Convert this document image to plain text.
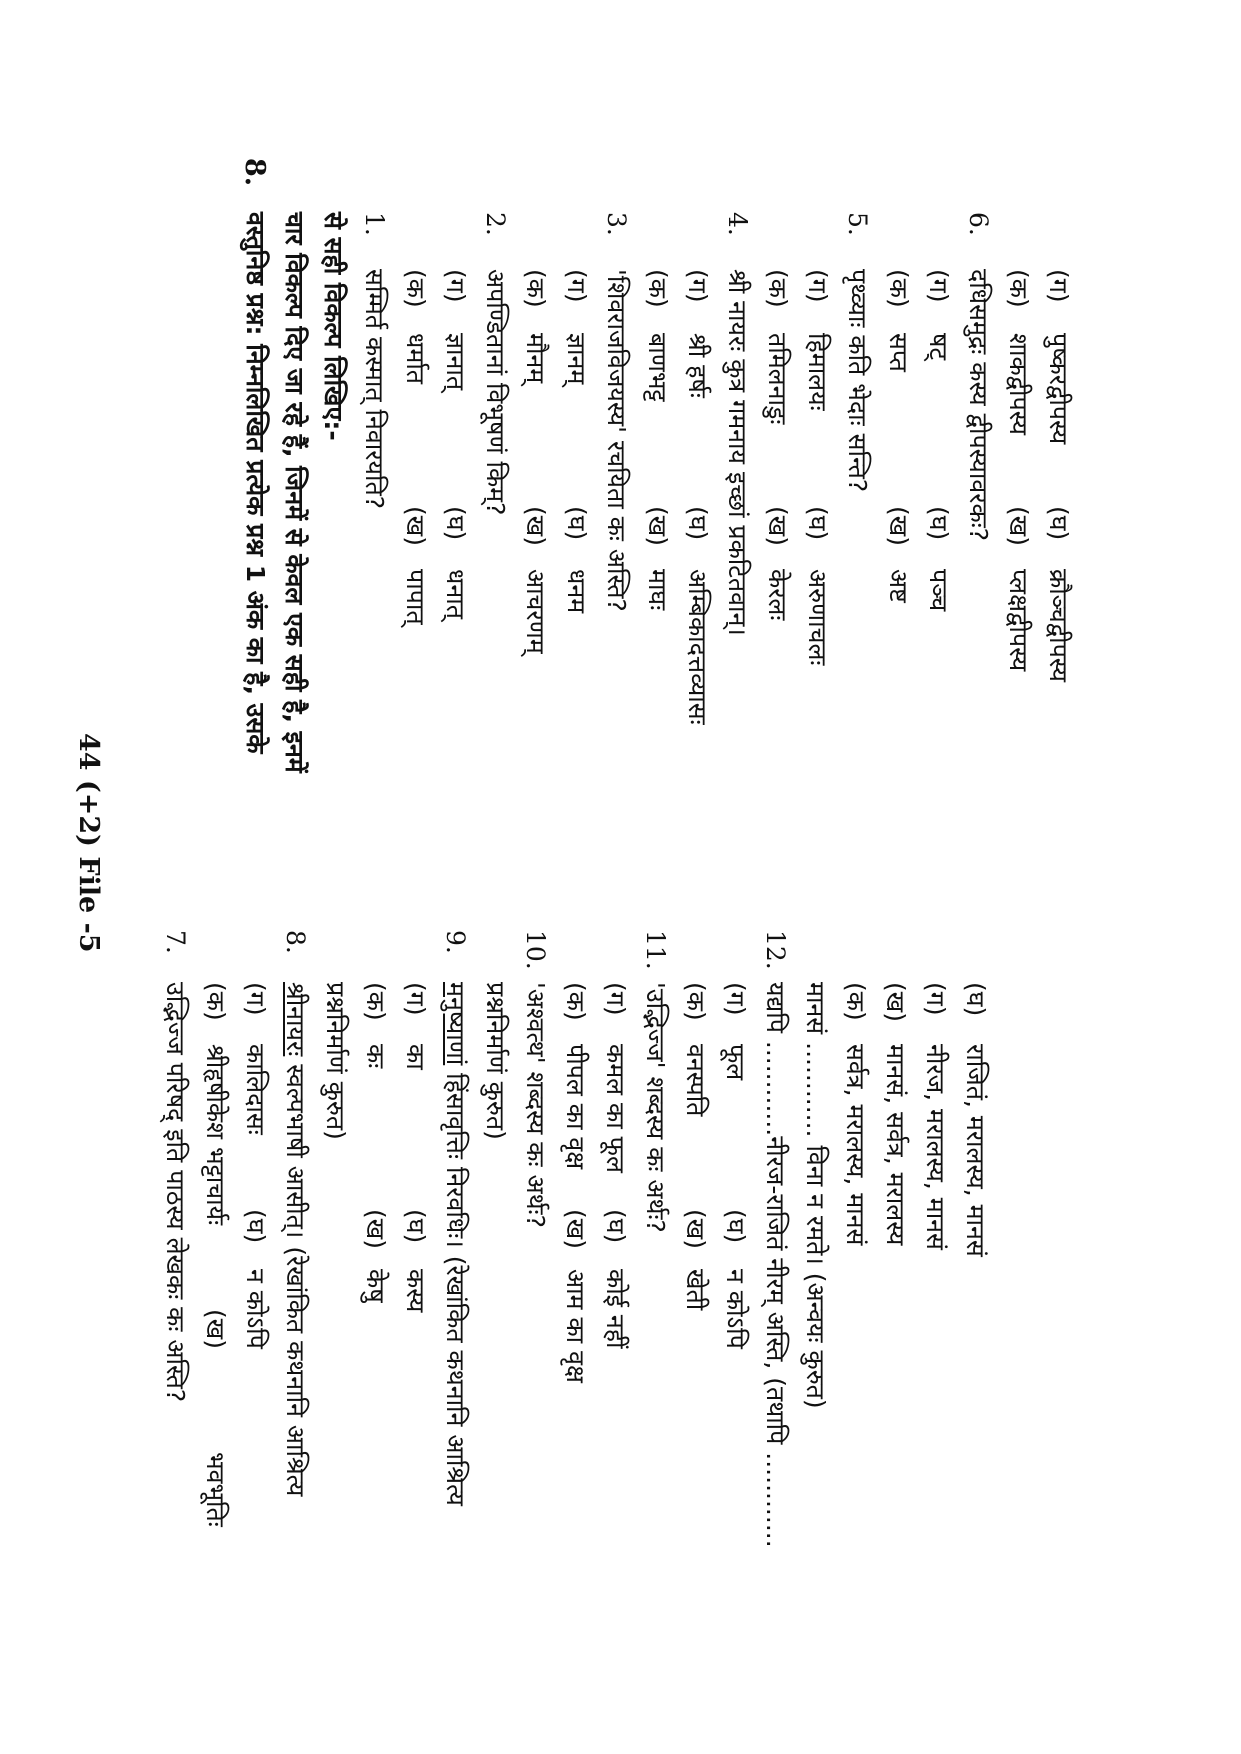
44 (+2) File -5
8.
वस्तुनिष्ठ प्रश्न: निम्नलिखित प्रत्येक प्रश्न 1 अंक का है, उसके चार विकल्प दिए जा रहे हैं, जिनमें से केवल एक सही है, इनमें से सही विकल्प लिखिए:- 1.
सम्मिर्त कस्मात् निवारयति? (क)
धर्मात
(ख)
पापात्
(ग)
ज्ञानात्
(घ)
धनात्
2.
अपण्डितानां विभूषणं किम्? (क)
मौनम्
(ख)
आचरणम्
(ग)
ज्ञानम्
(घ)
धनम
3.
'शिवराजविजयस्य' रचयिता कः अस्ति? (क)
बाणभट्ट
(ख)
माघः
(ग)
श्री हर्षः
(घ)
अम्बिकादत्तव्यासः
4.
श्री नायरः कुत्र गमनाय इच्छां प्रकटितवान्। (क)
तमिलनाडुः
(ख)
केरलः
(ग)
हिमालयः
(घ)
अरुणाचलः
5.
पृथ्व्याः कति भेदाः सन्ति? (क)
सप्त
(ख)
अष्ट
(ग)
षट्
(घ)
पञ्च
6.
दधिसमुद्रः कस्य द्वीपस्यावरकः? (क)
शाकद्वीपस्य
(ख)
प्लक्षद्वीपस्य
(ग)
पुष्करद्वीपस्य
(घ)
क्रौञ्चद्वीपस्य
7.
उद्भिज्ज परिषद् इति पाठस्य लेखकः कः अस्ति? (क)
श्रीहृषीकेश भट्टाचार्यः
(ख)
भवभूतिः
(ग)
कालिदासः
(घ)
न कोऽपि
8.
श्रीनायरः स्वल्पभाषी आसीत्। (रेखांकित कथनानि आश्रित्य प्रश्ननिर्माणं कुरुत) (क)
कः
(ख)
केषु
(ग)
का
(घ)
कस्य
9.
मनुष्याणां हिंसावृत्तिः निरवधिः। (रेखांकित कथनानि आश्रित्य
प्रश्ननिर्माणं कुरुत)
10.
'अश्वत्थ' शब्दस्य कः अर्थः? (क)
पीपल का वृक्ष
(ख)
आम का वृक्ष
(ग)
कमल का फूल
(घ)
कोई नहीं
11.
'उद्भिज्ज' शब्दस्य कः अर्थः? (क)
वनस्पति
(ख)
खेती
(ग)
फूल
(घ)
न कोऽपि
12.
यद्यपि ............नीरज-राजितं नीरम् अस्ति, (तथापि ............ मानसं ............ विना न रमते। (अन्वयः कुरुत) (क)
सर्वत्र, मरालस्य, मानसं
(ख)
मानसं, सर्वत्र, मरालस्य
(ग)
नीरज, मरालस्य, मानसं
(घ)
राजितं, मरालस्य, मानसं
